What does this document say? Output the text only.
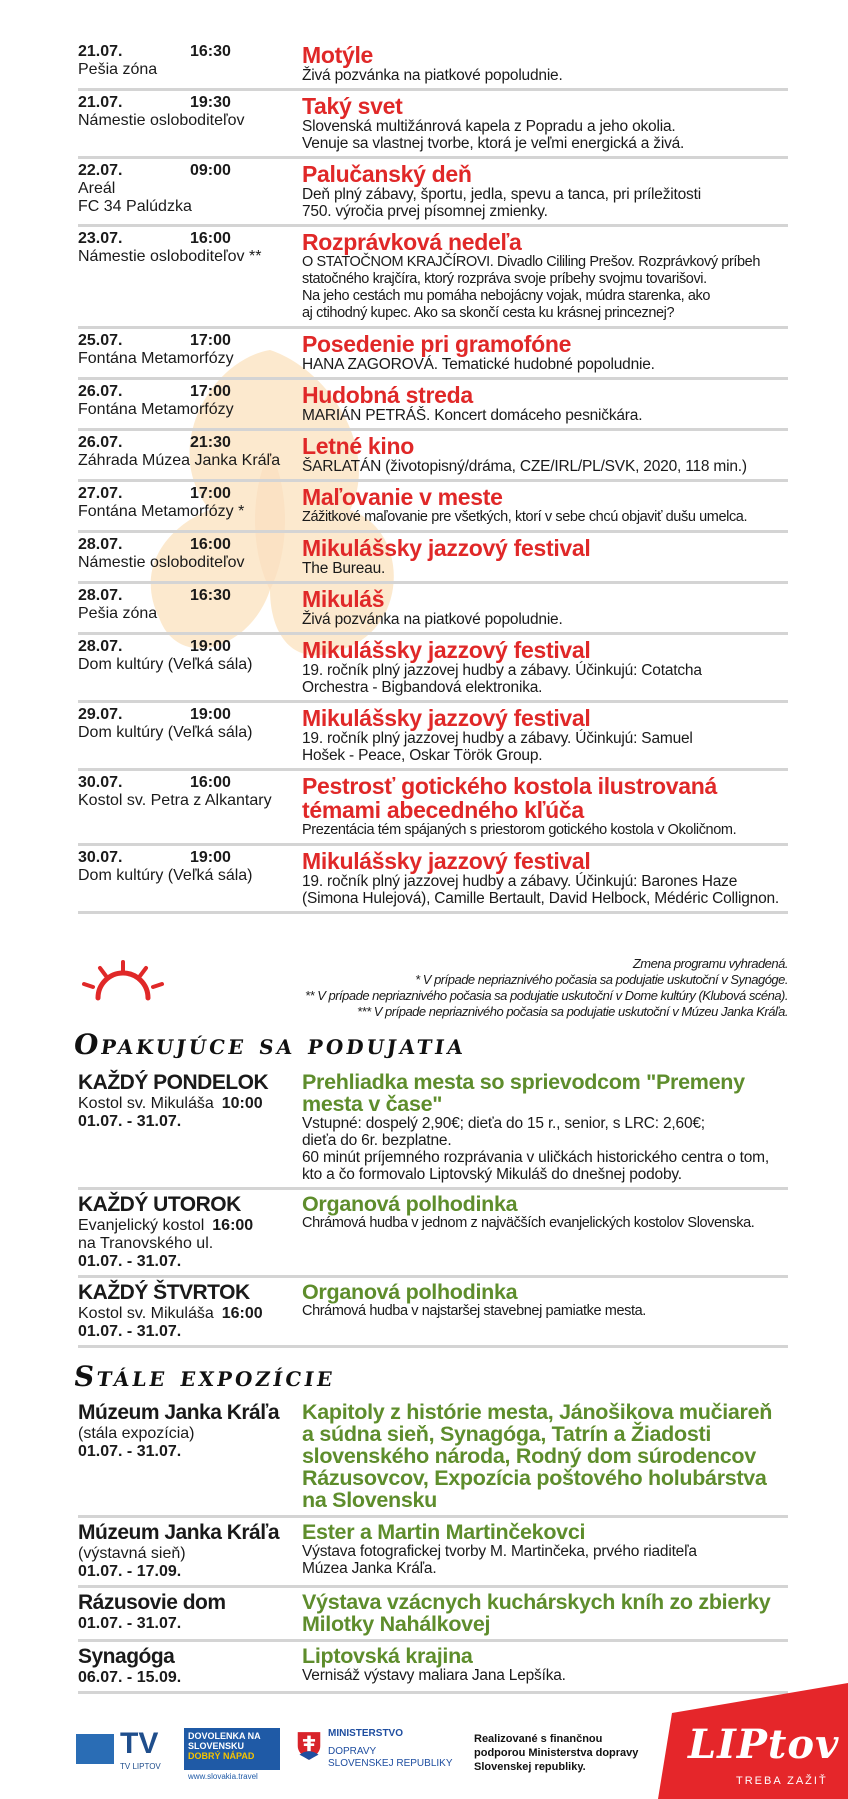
21.07.	16:30
Pešia zóna
Motýle
Živá pozvánka na piatkové popoludnie.
21.07.	19:30
Námestie osloboditeľov
Taký svet
Slovenská multižánrová kapela z Popradu a jeho okolia.
Venuje sa vlastnej tvorbe, ktorá je veľmi energická a živá.
22.07.	09:00
Areál
FC 34 Palúdzka
Palučanský deň
Deň plný zábavy, športu, jedla, spevu a tanca, pri príležitosti
750. výročia prvej písomnej zmienky.
23.07.	16:00
Námestie osloboditeľov **
Rozprávková nedeľa
O STATOČNOM KRAJČÍROVI. Divadlo Cililing Prešov. Rozprávkový príbeh
statočného krajčíra, ktorý rozpráva svoje príbehy svojmu tovarišovi.
Na jeho cestách mu pomáha nebojácny vojak, múdra starenka, ako
aj ctihodný kupec. Ako sa skončí cesta ku krásnej princeznej?
25.07.	17:00
Fontána Metamorfózy
Posedenie pri gramofóne
HANA ZAGOROVÁ. Tematické hudobné popoludnie.
26.07.	17:00
Fontána Metamorfózy
Hudobná streda
MARIÁN PETRÁŠ. Koncert domáceho pesničkára.
26.07.	21:30
Záhrada Múzea Janka Kráľa
Letné kino
ŠARLATÁN (životopisný/dráma, CZE/IRL/PL/SVK, 2020, 118 min.)
27.07.	17:00
Fontána Metamorfózy *
Maľovanie v meste
Zážitkové maľovanie pre všetkých, ktorí v sebe chcú objaviť dušu umelca.
28.07.	16:00
Námestie osloboditeľov
Mikulášsky jazzový festival
The Bureau.
28.07.	16:30
Pešia zóna
Mikuláš
Živá pozvánka na piatkové popoludnie.
28.07.	19:00
Dom kultúry (Veľká sála)
Mikulášsky jazzový festival
19. ročník plný jazzovej hudby a zábavy. Účinkujú: Cotatcha
Orchestra - Bigbandová elektronika.
29.07.	19:00
Dom kultúry (Veľká sála)
Mikulášsky jazzový festival
19. ročník plný jazzovej hudby a zábavy. Účinkujú: Samuel
Hošek - Peace, Oskar Török Group.
30.07.	16:00
Kostol sv. Petra z Alkantary
Pestrosť gotického kostola ilustrovaná témami abecedného kľúča
Prezentácia tém spájaných s priestorom gotického kostola v Okoličnom.
30.07.	19:00
Dom kultúry (Veľká sála)
Mikulášsky jazzový festival
19. ročník plný jazzovej hudby a zábavy. Účinkujú: Barones Haze
(Simona Hulejová), Camille Bertault, David Helbock, Médéric Collignon.
Zmena programu vyhradená.
* V prípade nepriaznivého počasia sa podujatie uskutoční v Synagóge.
** V prípade nepriaznivého počasia sa podujatie uskutoční v Dome kultúry (Klubová scéna).
*** V prípade nepriaznivého počasia sa podujatie uskutoční v Múzeu Janka Kráľa.
Opakujúce sa podujatia
KAŽDÝ PONDELOK
Kostol sv. Mikuláša 10:00
01.07. - 31.07.
Prehliadka mesta so sprievodcom "Premeny mesta v čase"
Vstupné: dospelý 2,90€; dieťa do 15 r., senior, s LRC: 2,60€;
dieťa do 6r. bezplatne.
60 minút príjemného rozprávania v uličkách historického centra o tom,
kto a čo formovalo Liptovský Mikuláš do dnešnej podoby.
KAŽDÝ UTOROK
Evanjelický kostol 16:00
na Tranovského ul.
01.07. - 31.07.
Organová polhodinka
Chrámová hudba v jednom z najväčších evanjelických kostolov Slovenska.
KAŽDÝ ŠTVRTOK
Kostol sv. Mikuláša 16:00
01.07. - 31.07.
Organová polhodinka
Chrámová hudba v najstaršej stavebnej pamiatke mesta.
Stále expozície
Múzeum Janka Kráľa
(stála expozícia)
01.07. - 31.07.
Kapitoly z histórie mesta, Jánošikova mučiareň a súdna sieň, Synagóga, Tatrín a Žiadosti slovenského národa, Rodný dom súrodencov Rázusovcov, Expozícia poštového holubárstva na Slovensku
Múzeum Janka Kráľa
(výstavná sieň)
01.07. - 17.09.
Ester a Martin Martinčekovci
Výstava fotografickej tvorby M. Martinčeka, prvého riaditeľa
Múzea Janka Kráľa.
Rázusovie dom
01.07. - 31.07.
Výstava vzácnych kuchárskych kníh zo zbierky Milotky Nahálkovej
Synagóga
06.07. - 15.09.
Liptovská krajina
Vernisáž výstavy maliara Jana Lepšíka.
TV
TV LIPTOV
DOVOLENKA NA
SLOVENSKU
DOBRÝ NÁPAD
www.slovakia.travel
MINISTERSTVO
DOPRAVY
SLOVENSKEJ REPUBLIKY
Realizované s finančnou
podporou Ministerstva dopravy
Slovenskej republiky.	LIPtov
TREBA ZAŽIŤ
